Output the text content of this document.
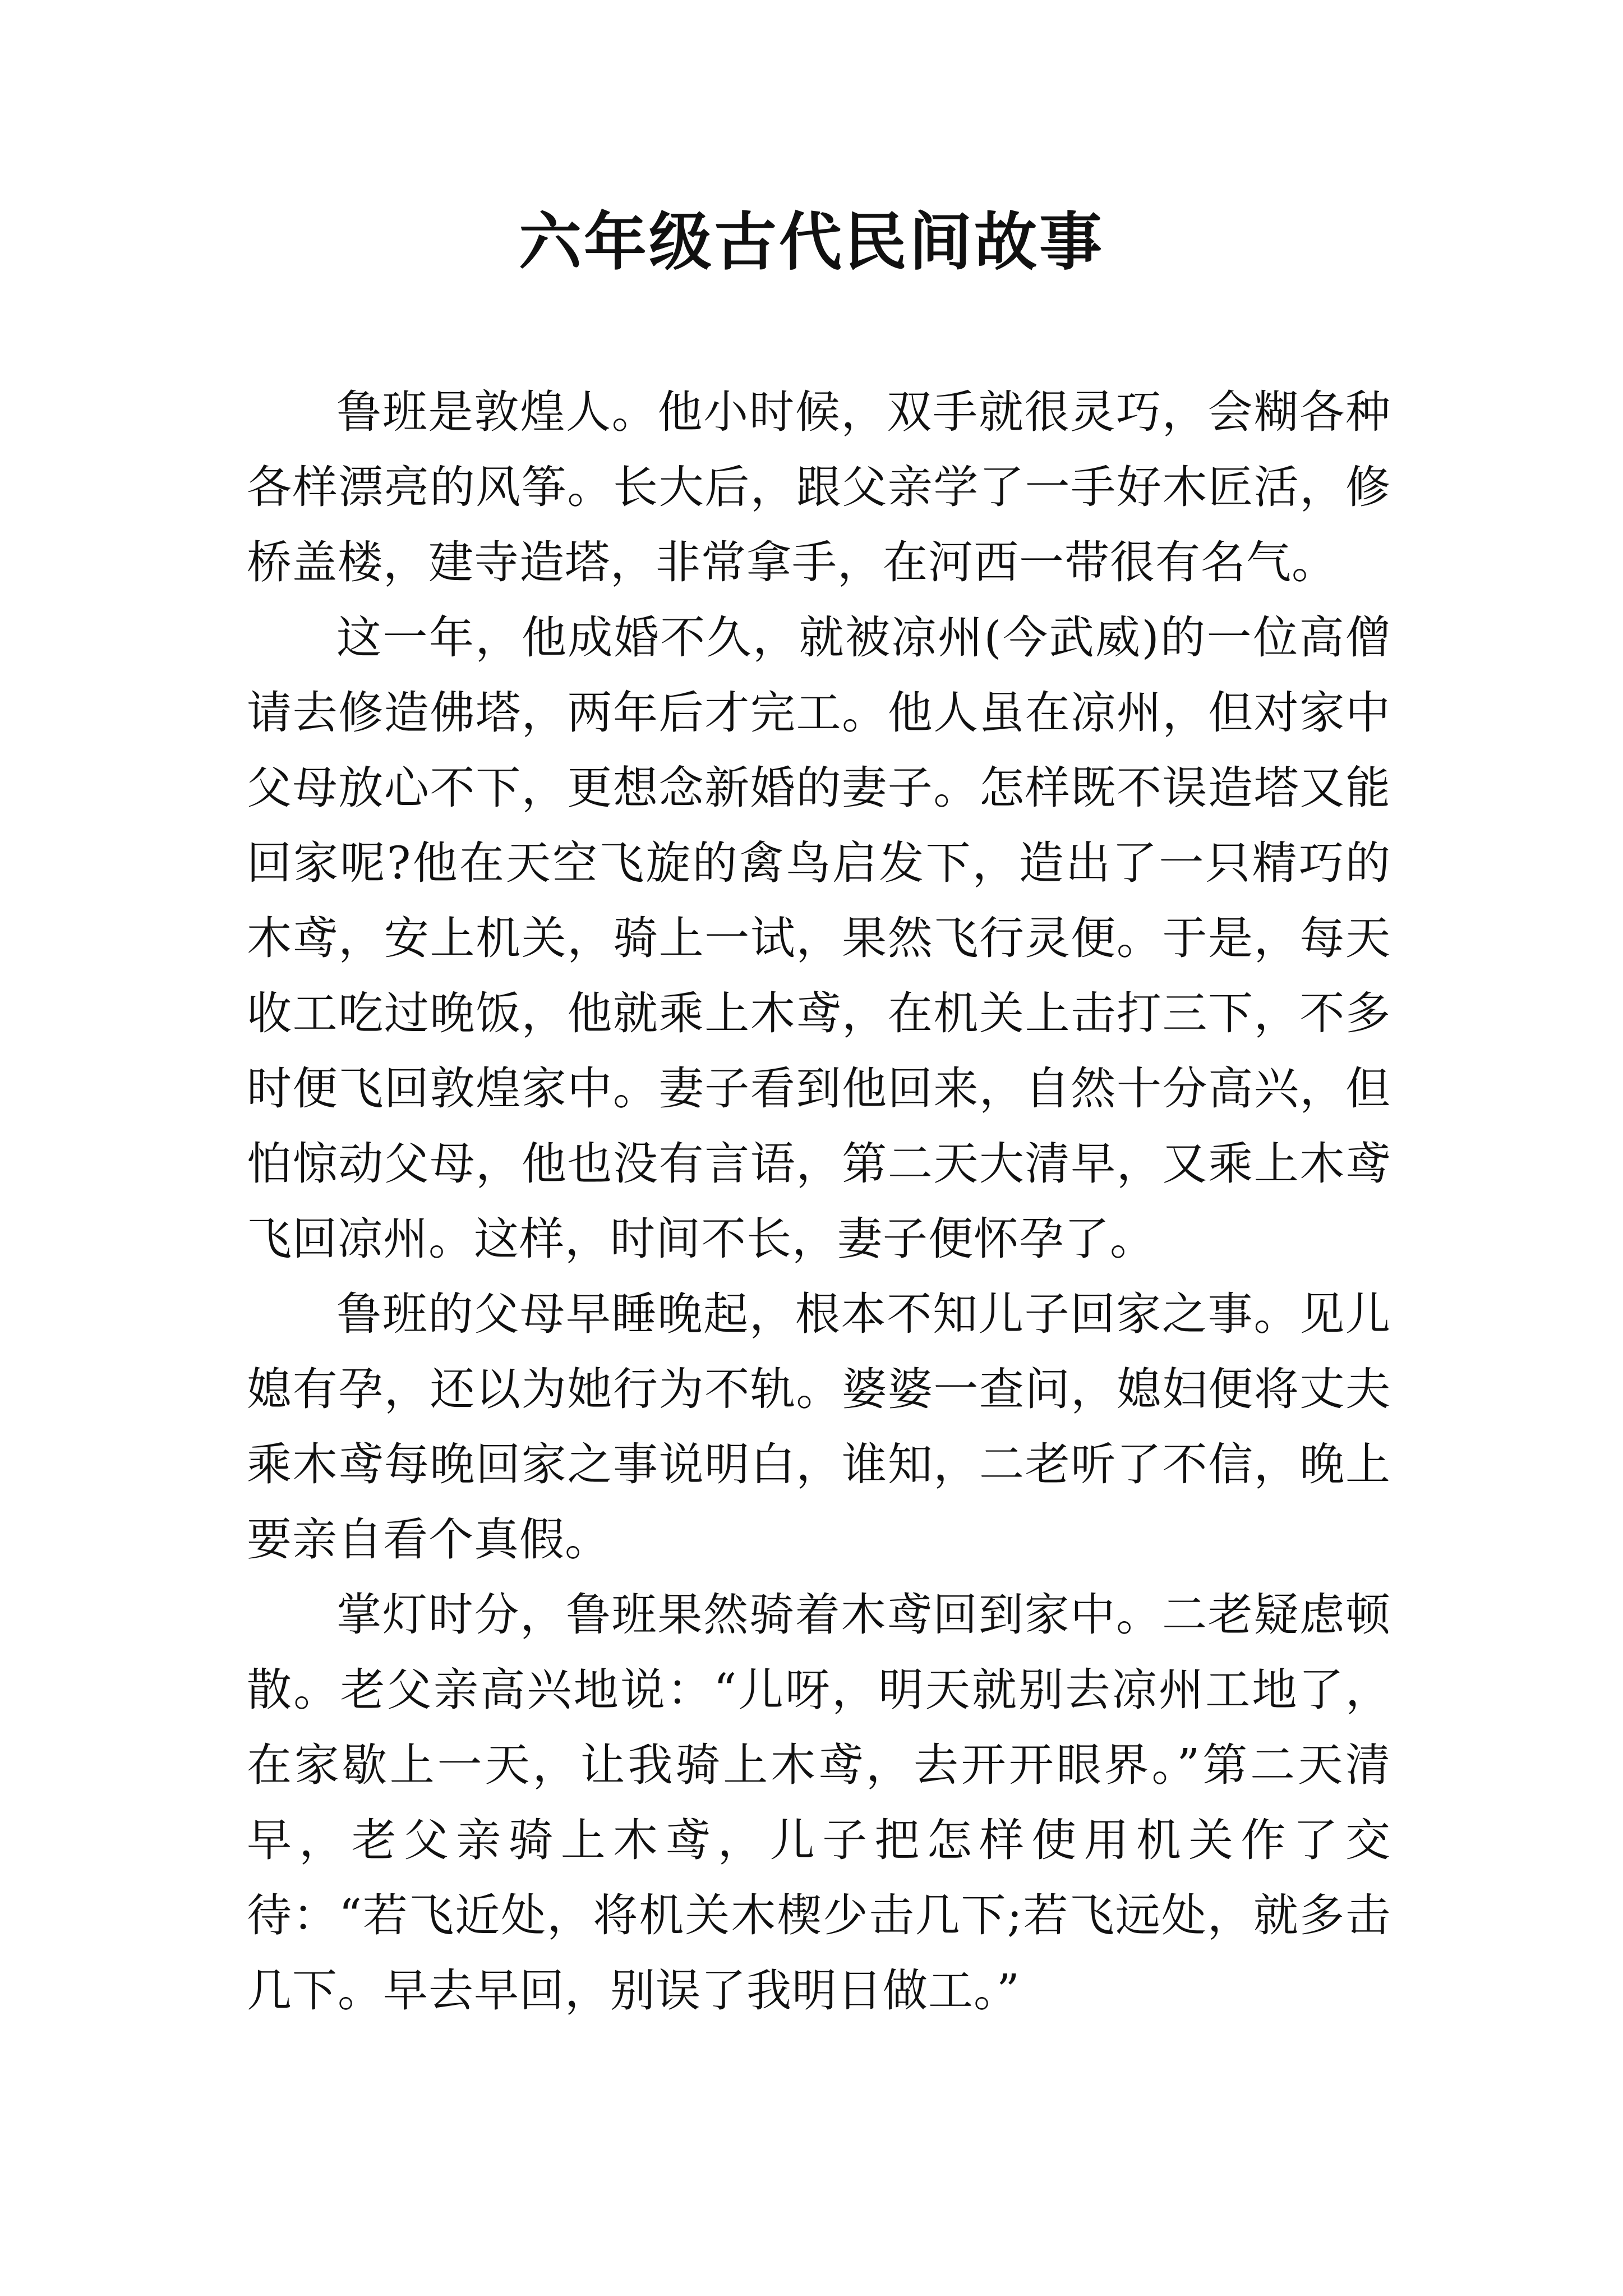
六年级古代民间故事

鲁班是敦煌人。他小时候，双手就很灵巧，会糊各种各样漂亮的风筝。长大后，跟父亲学了一手好木匠活，修桥盖楼，建寺造塔，非常拿手，在河西一带很有名气。

这一年，他成婚不久，就被凉州(今武威)的一位高僧请去修造佛塔，两年后才完工。他人虽在凉州，但对家中父母放心不下，更想念新婚的妻子。怎样既不误造塔又能回家呢?他在天空飞旋的禽鸟启发下，造出了一只精巧的木鸢，安上机关，骑上一试，果然飞行灵便。于是，每天收工吃过晚饭，他就乘上木鸢，在机关上击打三下，不多时便飞回敦煌家中。妻子看到他回来，自然十分高兴，但怕惊动父母，他也没有言语，第二天大清早，又乘上木鸢飞回凉州。这样，时间不长，妻子便怀孕了。

鲁班的父母早睡晚起，根本不知儿子回家之事。见儿媳有孕，还以为她行为不轨。婆婆一查问，媳妇便将丈夫乘木鸢每晚回家之事说明白，谁知，二老听了不信，晚上要亲自看个真假。

掌灯时分，鲁班果然骑着木鸢回到家中。二老疑虑顿散。老父亲高兴地说：“儿呀，明天就别去凉州工地了，在家歇上一天，让我骑上木鸢，去开开眼界。”第二天清早，老父亲骑上木鸢，儿子把怎样使用机关作了交待：“若飞近处，将机关木楔少击几下;若飞远处，就多击几下。早去早回，别误了我明日做工。”
